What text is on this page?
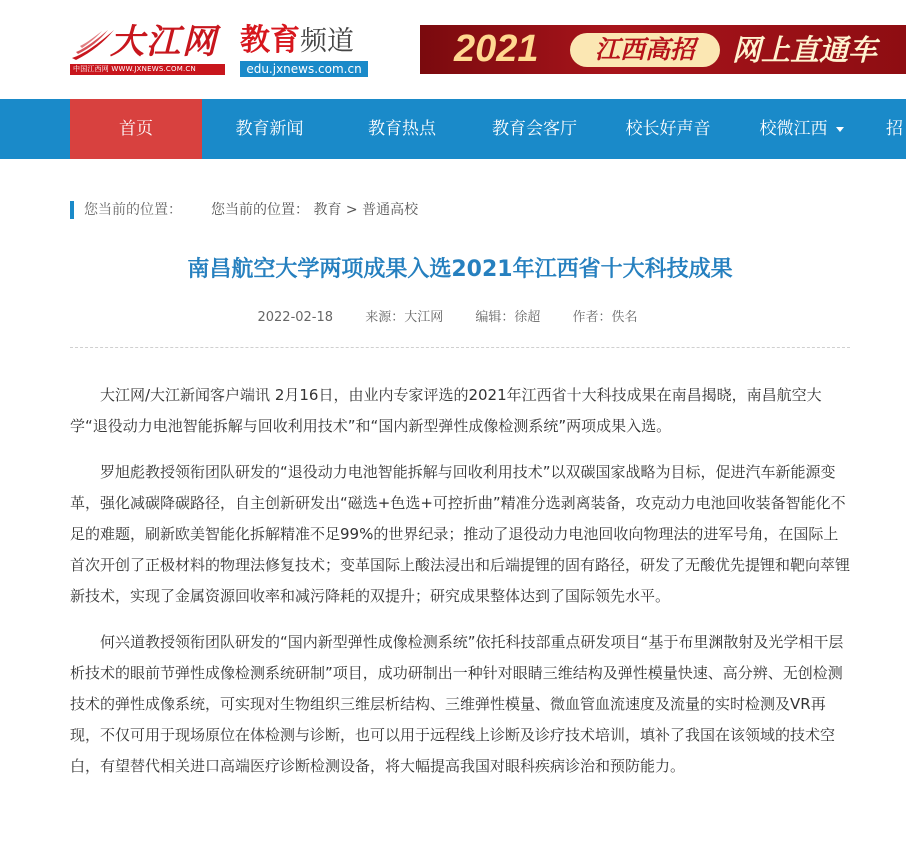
大江网
中国江西网 WWW.JXNEWS.COM.CN
教育频道
edu.jxnews.com.cn 2021	江西高招	网上直通车
首页	教育新闻	教育热点	教育会客厅	校长好声音	校微江西	招
您当前的位置： 您当前的位置： 教育 > 普通高校
南昌航空大学两项成果入选2021年江西省十大科技成果
2022-02-18 来源：大江网 编辑：徐超 作者：佚名

大江网/大江新闻客户端讯 2月16日，由业内专家评选的2021年江西省十大科技成果在南昌揭晓，南昌航空大学“退役动力电池智能拆解与回收利用技术”和“国内新型弹性成像检测系统”两项成果入选。

罗旭彪教授领衔团队研发的“退役动力电池智能拆解与回收利用技术”以双碳国家战略为目标，促进汽车新能源变革，强化减碳降碳路径，自主创新研发出“磁选+色选+可控折曲”精准分选剥离装备，攻克动力电池回收装备智能化不足的难题，刷新欧美智能化拆解精准不足99%的世界纪录；推动了退役动力电池回收向物理法的进军号角，在国际上首次开创了正极材料的物理法修复技术；变革国际上酸法浸出和后端提锂的固有路径，研发了无酸优先提锂和靶向萃锂新技术，实现了金属资源回收率和减污降耗的双提升；研究成果整体达到了国际领先水平。

何兴道教授领衔团队研发的“国内新型弹性成像检测系统”依托科技部重点研发项目“基于布里渊散射及光学相干层析技术的眼前节弹性成像检测系统研制”项目，成功研制出一种针对眼睛三维结构及弹性模量快速、高分辨、无创检测技术的弹性成像系统，可实现对生物组织三维层析结构、三维弹性模量、微血管血流速度及流量的实时检测及VR再现，不仅可用于现场原位在体检测与诊断，也可以用于远程线上诊断及诊疗技术培训，填补了我国在该领域的技术空白，有望替代相关进口高端医疗诊断检测设备，将大幅提高我国对眼科疾病诊治和预防能力。
